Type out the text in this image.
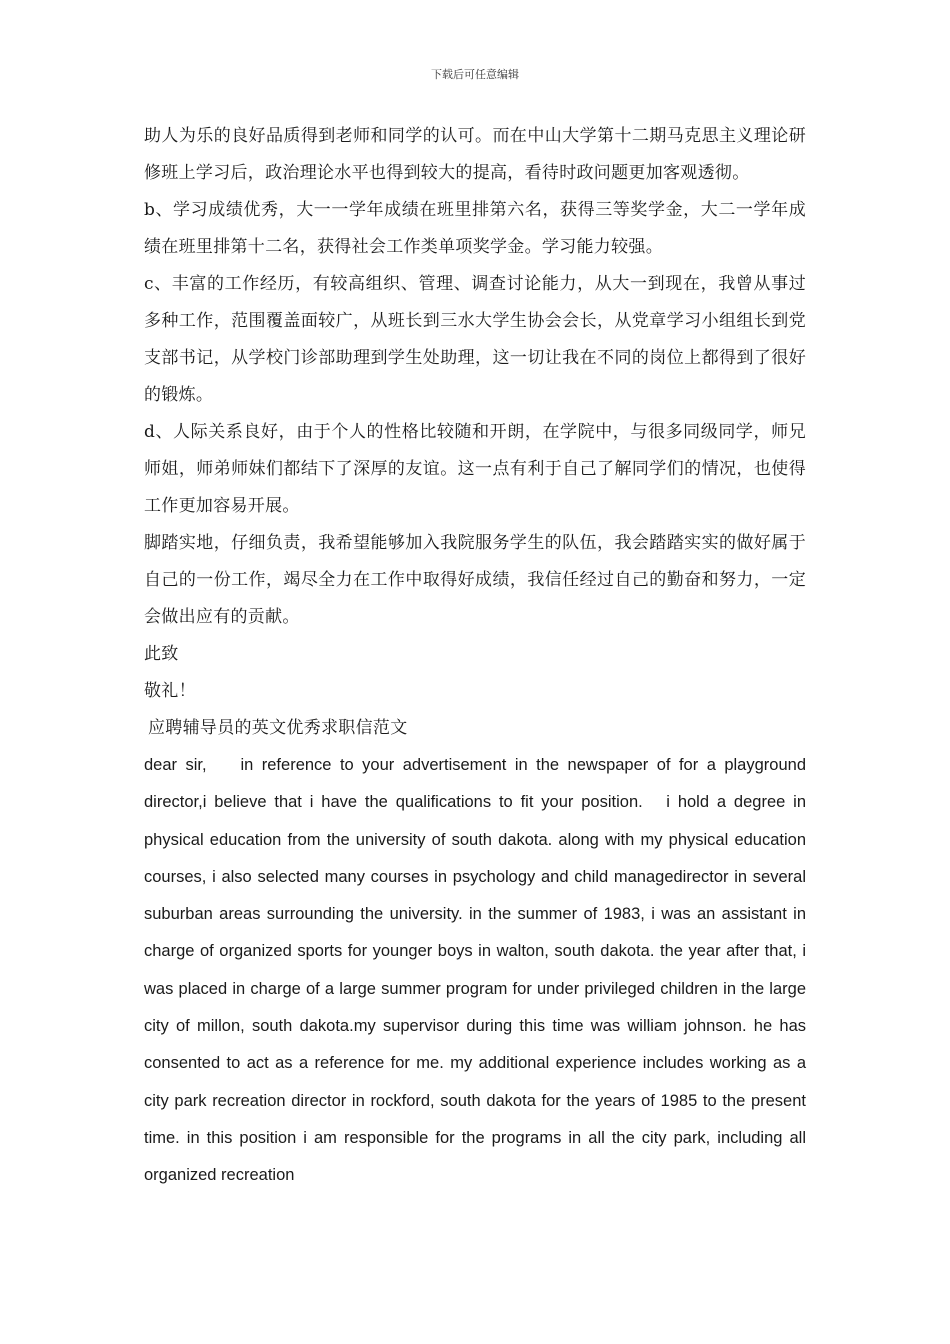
下载后可任意编辑

助人为乐的良好品质得到老师和同学的认可。而在中山大学第十二期马克思主义理论研修班上学习后，政治理论水平也得到较大的提高，看待时政问题更加客观透彻。

b、学习成绩优秀，大一一学年成绩在班里排第六名，获得三等奖学金，大二一学年成绩在班里排第十二名，获得社会工作类单项奖学金。学习能力较强。

c、丰富的工作经历，有较高组织、管理、调查讨论能力，从大一到现在，我曾从事过多种工作，范围覆盖面较广，从班长到三水大学生协会会长，从党章学习小组组长到党支部书记，从学校门诊部助理到学生处助理，这一切让我在不同的岗位上都得到了很好的锻炼。

d、人际关系良好，由于个人的性格比较随和开朗，在学院中，与很多同级同学，师兄师姐，师弟师妹们都结下了深厚的友谊。这一点有利于自己了解同学们的情况，也使得工作更加容易开展。

脚踏实地，仔细负责，我希望能够加入我院服务学生的队伍，我会踏踏实实的做好属于自己的一份工作，竭尽全力在工作中取得好成绩，我信任经过自己的勤奋和努力，一定会做出应有的贡献。

此致

敬礼！

应聘辅导员的英文优秀求职信范文

dear sir,    in reference to your advertisement in the newspaper of for a playground director,i believe that i have the qualifications to fit your position.   i hold a degree in physical education from the university of south dakota. along with my physical education courses, i also selected many courses in psychology and child managedirector in several suburban areas surrounding the university. in the summer of 1983, i was an assistant in charge of organized sports for younger boys in walton, south dakota. the year after that, i was placed in charge of a large summer program for under privileged children in the large city of millon, south dakota.my supervisor during this time was william johnson. he has consented to act as a reference for me. my additional experience includes working as a city park recreation director in rockford, south dakota for the years of 1985 to the present time. in this position i am responsible for the programs in all the city park, including all organized recreation
